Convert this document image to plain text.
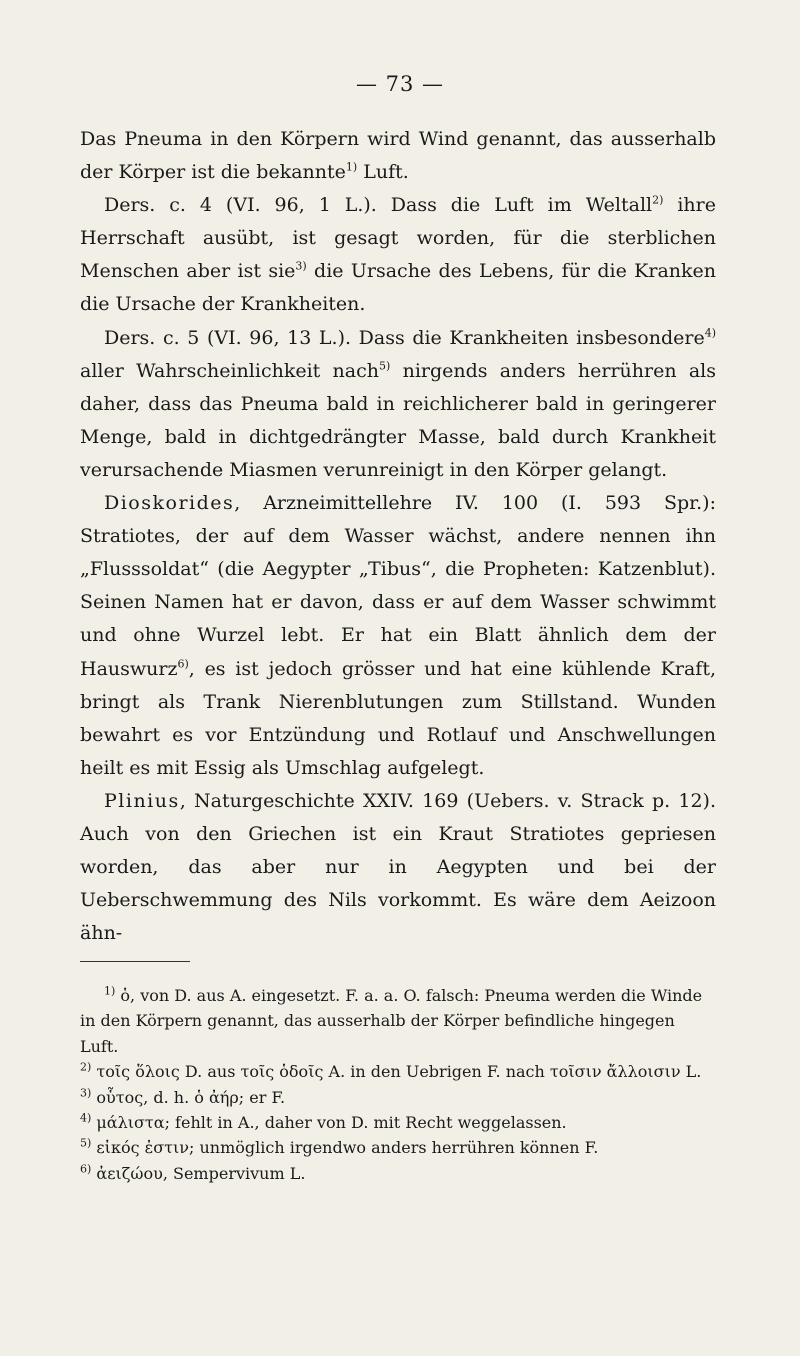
— 73 —

Das Pneuma in den Körpern wird Wind genannt, das ausserhalb der Körper ist die bekannte$^{1)}$ Luft.

Ders. c. 4 (VI. 96, 1 L.). Dass die Luft im Weltall$^{2)}$ ihre Herrschaft ausübt, ist gesagt worden, für die sterblichen Menschen aber ist sie$^{3)}$ die Ursache des Lebens, für die Kranken die Ursache der Krankheiten.

Ders. c. 5 (VI. 96, 13 L.). Dass die Krankheiten insbesondere$^{4)}$ aller Wahrscheinlichkeit nach$^{5)}$ nirgends anders herrühren als daher, dass das Pneuma bald in reichlicherer bald in geringerer Menge, bald in dichtgedrängter Masse, bald durch Krankheit verursachende Miasmen verunreinigt in den Körper gelangt.

Dioskorides, Arzneimittellehre IV. 100 (I. 593 Spr.): Stratiotes, der auf dem Wasser wächst, andere nennen ihn „Flusssoldat“ (die Aegypter „Tibus“, die Propheten: Katzenblut). Seinen Namen hat er davon, dass er auf dem Wasser schwimmt und ohne Wurzel lebt. Er hat ein Blatt ähnlich dem der Hauswurz$^{6)}$, es ist jedoch grösser und hat eine kühlende Kraft, bringt als Trank Nierenblutungen zum Stillstand. Wunden bewahrt es vor Entzündung und Rotlauf und Anschwellungen heilt es mit Essig als Umschlag aufgelegt.

Plinius, Naturgeschichte XXIV. 169 (Uebers. v. Strack p. 12). Auch von den Griechen ist ein Kraut Stratiotes gepriesen worden, das aber nur in Aegypten und bei der Ueberschwemmung des Nils vorkommt. Es wäre dem Aeizoon ähn-

$^{1)}$ ὁ, von D. aus A. eingesetzt. F. a. a. O. falsch: Pneuma werden die Winde in den Körpern genannt, das ausserhalb der Körper befindliche hingegen Luft.

$^{2)}$ τοῖς ὅλοις D. aus τοῖς ὁδοῖς A. in den Uebrigen F. nach τοῖσιν ἄλλοισιν L.

$^{3)}$ οὗτος, d. h. ὁ ἀήρ; er F.

$^{4)}$ μάλιστα; fehlt in A., daher von D. mit Recht weggelassen.

$^{5)}$ εἰκός ἐστιν; unmöglich irgendwo anders herrühren können F.

$^{6)}$ ἀειζώου, Sempervivum L.
